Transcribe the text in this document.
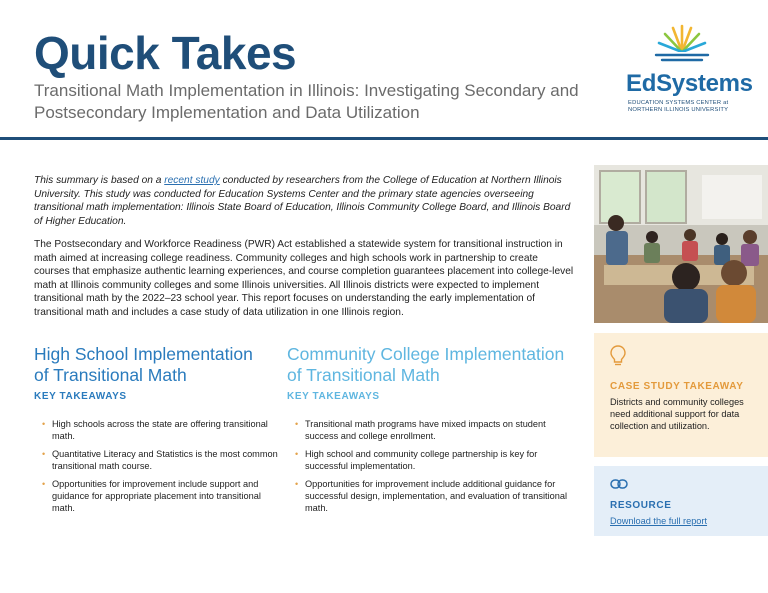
Quick Takes
Transitional Math Implementation in Illinois: Investigating Secondary and
Postsecondary Implementation and Data Utilization
EdSystems
EDUCATION SYSTEMS CENTER at
NORTHERN ILLINOIS UNIVERSITY

This summary is based on a recent study conducted by researchers from the College of Education at Northern Illinois University. This study was conducted for Education Systems Center and the primary state agencies overseeing transitional math implementation: Illinois State Board of Education, Illinois Community College Board, and Illinois Board of Higher Education.

The Postsecondary and Workforce Readiness (PWR) Act established a statewide system for transitional instruction in math aimed at increasing college readiness. Community colleges and high schools work in partnership to create courses that emphasize authentic learning experiences, and course completion guarantees placement into college-level math at Illinois community colleges and some Illinois universities. All Illinois districts were expected to implement transitional math by the 2022–23 school year. This report focuses on understanding the early implementation of transitional math and includes a case study of data utilization in one Illinois region.

High School Implementation
of Transitional Math
KEY TAKEAWAYS
• High schools across the state are offering transitional math.
• Quantitative Literacy and Statistics is the most common transitional math course.
• Opportunities for improvement include support and guidance for appropriate placement into transitional math.
Community College Implementation
of Transitional Math
KEY TAKEAWAYS
• Transitional math programs have mixed impacts on student success and college enrollment.
• High school and community college partnership is key for successful implementation.
• Opportunities for improvement include additional guidance for successful design, implementation, and evaluation of transitional math.
CASE STUDY TAKEAWAY
Districts and community colleges need additional support for data collection and utilization.
RESOURCE
Download the full report
